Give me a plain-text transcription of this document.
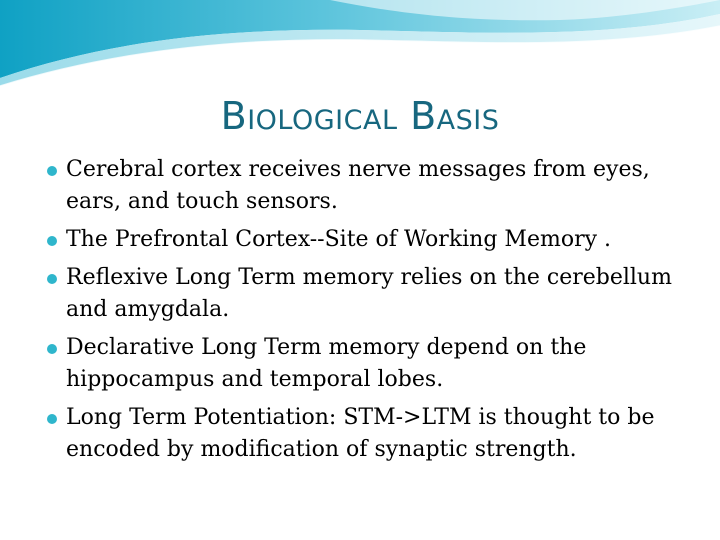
Biological Basis
Cerebral cortex receives nerve messages from eyes, ears, and touch sensors.
The Prefrontal Cortex--Site of Working Memory .
Reflexive Long Term memory relies on the cerebellum and amygdala.
Declarative Long Term memory depend on the hippocampus and temporal lobes.
Long Term Potentiation: STM->LTM is thought to be encoded by modification of synaptic strength.
